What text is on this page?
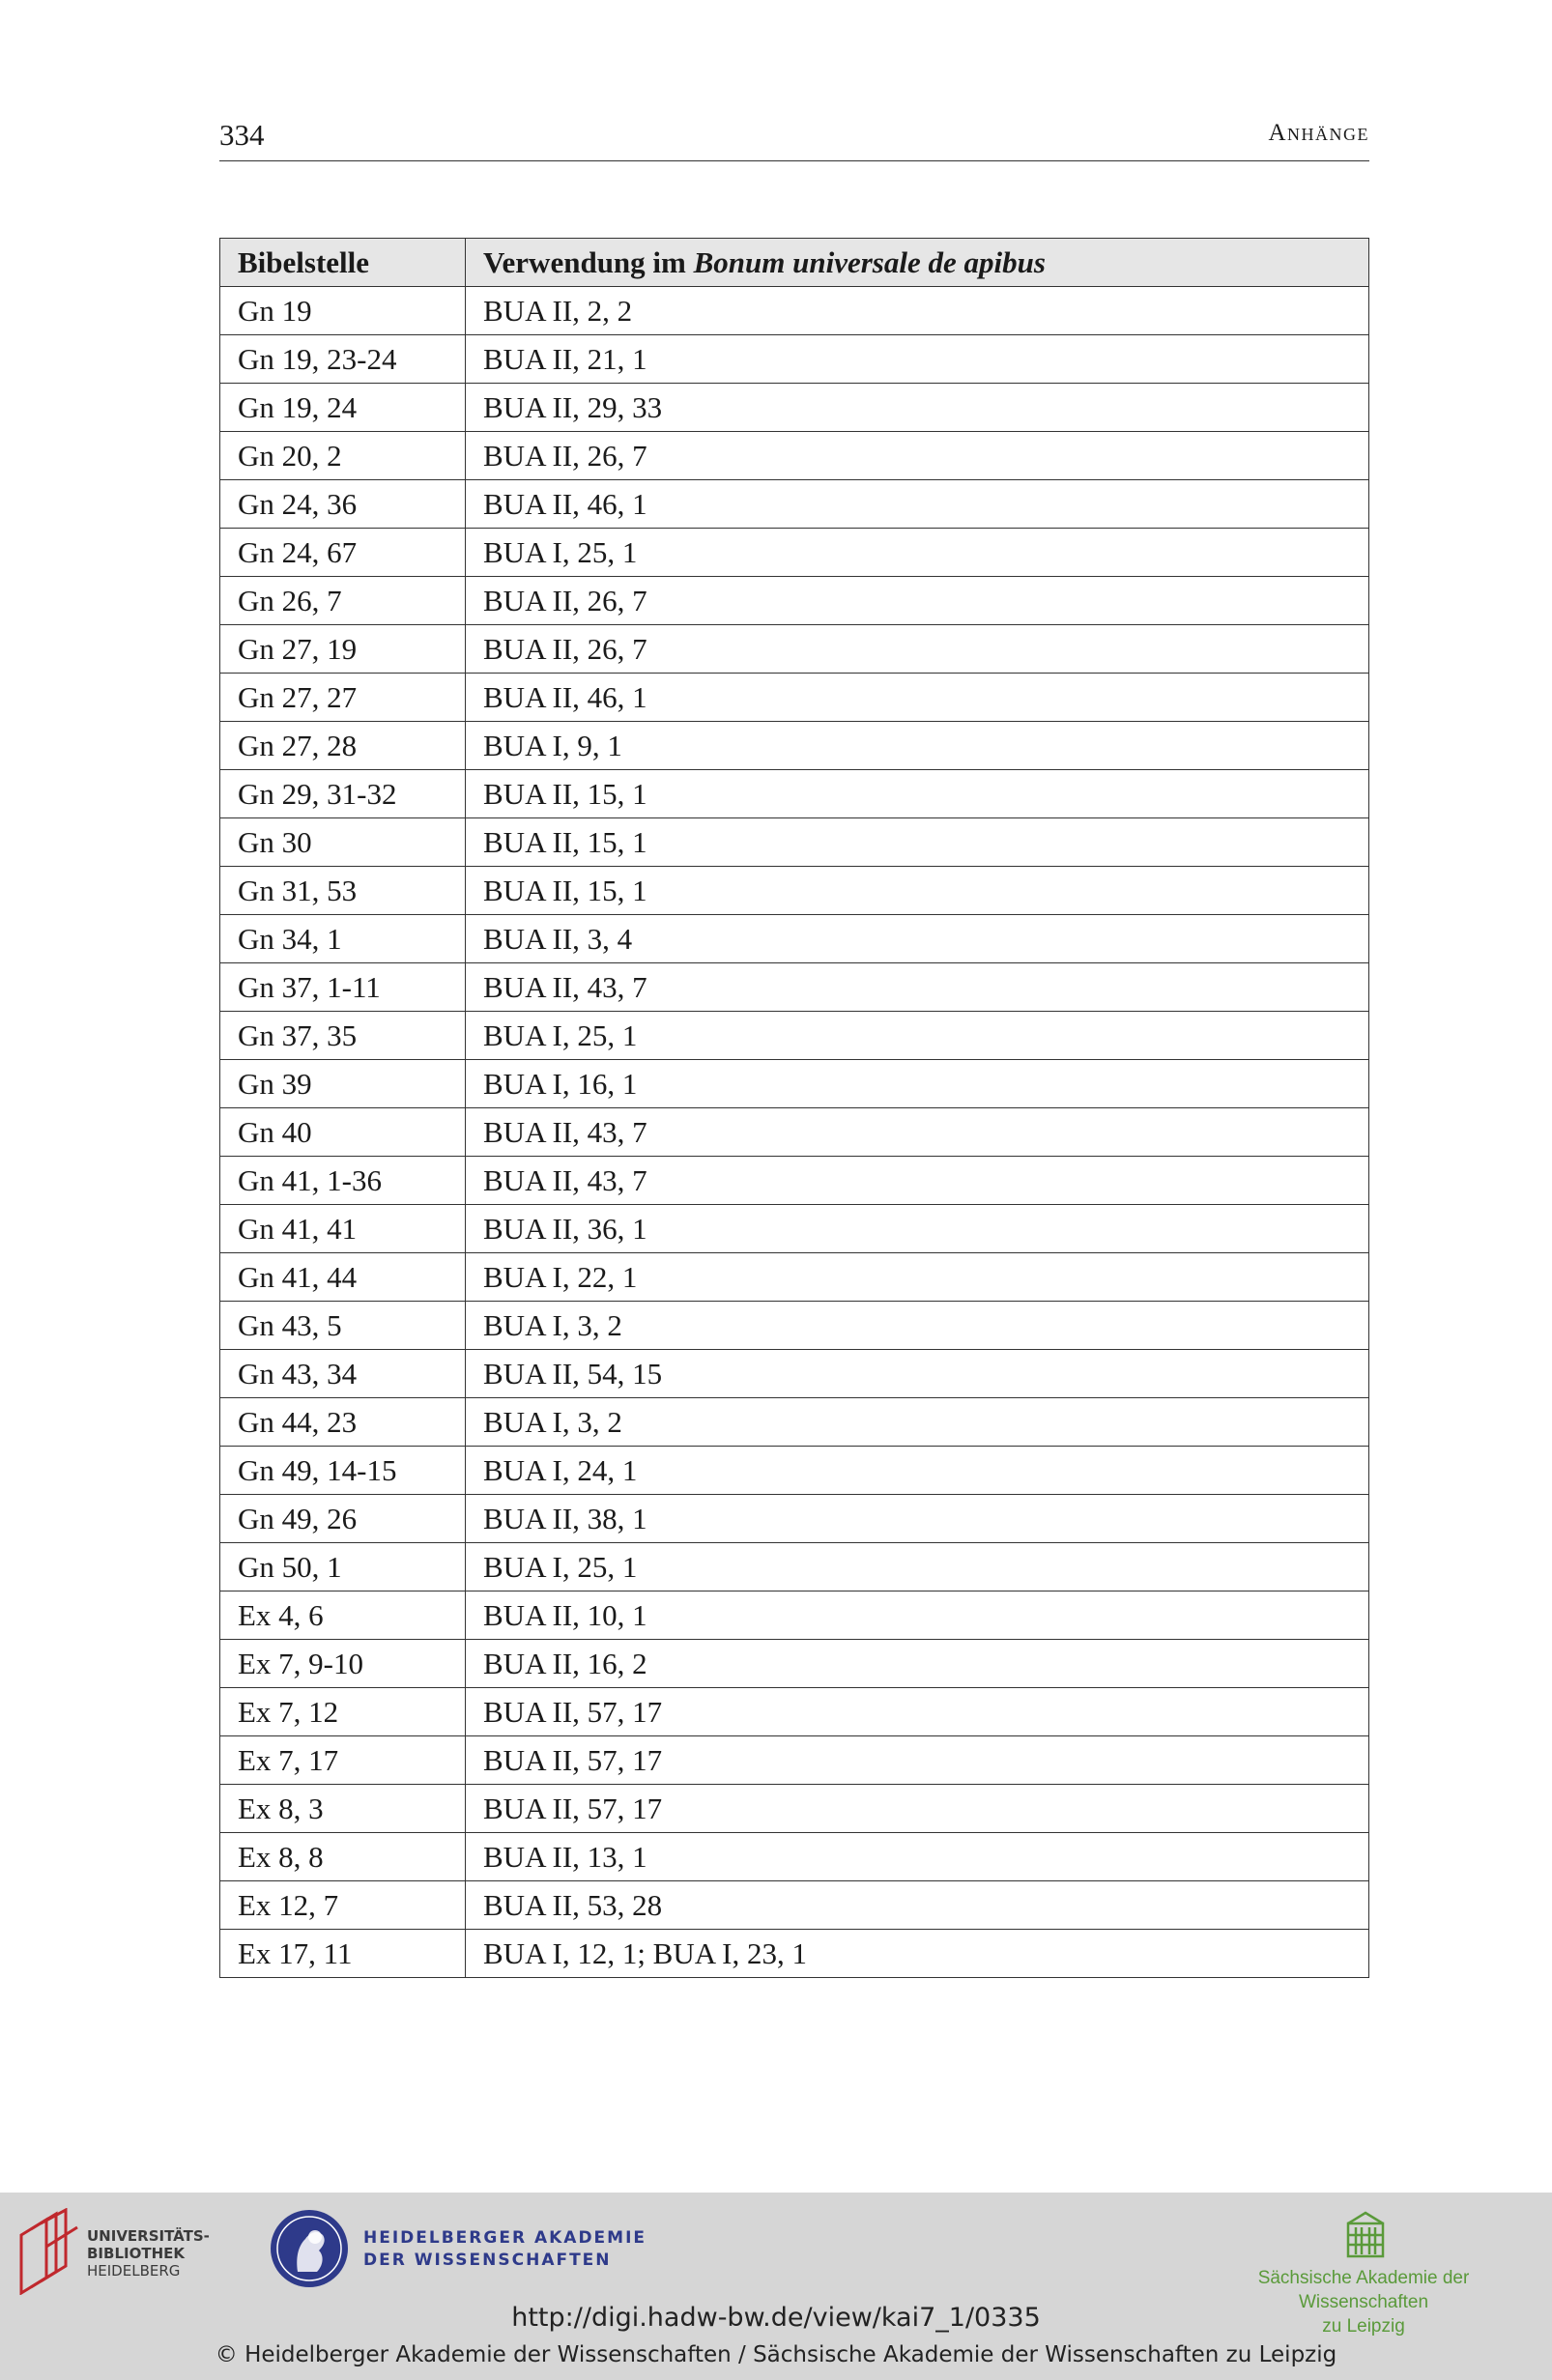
334	Anhänge
Bibelstelle	Verwendung im Bonum universale de apibus
Gn 19	BUA II, 2, 2
Gn 19, 23-24	BUA II, 21, 1
Gn 19, 24	BUA II, 29, 33
Gn 20, 2	BUA II, 26, 7
Gn 24, 36	BUA II, 46, 1
Gn 24, 67	BUA I, 25, 1
Gn 26, 7	BUA II, 26, 7
Gn 27, 19	BUA II, 26, 7
Gn 27, 27	BUA II, 46, 1
Gn 27, 28	BUA I, 9, 1
Gn 29, 31-32	BUA II, 15, 1
Gn 30	BUA II, 15, 1
Gn 31, 53	BUA II, 15, 1
Gn 34, 1	BUA II, 3, 4
Gn 37, 1-11	BUA II, 43, 7
Gn 37, 35	BUA I, 25, 1
Gn 39	BUA I, 16, 1
Gn 40	BUA II, 43, 7
Gn 41, 1-36	BUA II, 43, 7
Gn 41, 41	BUA II, 36, 1
Gn 41, 44	BUA I, 22, 1
Gn 43, 5	BUA I, 3, 2
Gn 43, 34	BUA II, 54, 15
Gn 44, 23	BUA I, 3, 2
Gn 49, 14-15	BUA I, 24, 1
Gn 49, 26	BUA II, 38, 1
Gn 50, 1	BUA I, 25, 1
Ex 4, 6	BUA II, 10, 1
Ex 7, 9-10	BUA II, 16, 2
Ex 7, 12	BUA II, 57, 17
Ex 7, 17	BUA II, 57, 17
Ex 8, 3	BUA II, 57, 17
Ex 8, 8	BUA II, 13, 1
Ex 12, 7	BUA II, 53, 28
Ex 17, 11	BUA I, 12, 1; BUA I, 23, 1
UNIVERSITÄTS-
BIBLIOTHEK
HEIDELBERG
HEIDELBERGER AKADEMIE
DER WISSENSCHAFTEN
Sächsische Akademie der Wissenschaften
zu Leipzig
http://digi.hadw-bw.de/view/kai7_1/0335
© Heidelberger Akademie der Wissenschaften / Sächsische Akademie der Wissenschaften zu Leipzig
